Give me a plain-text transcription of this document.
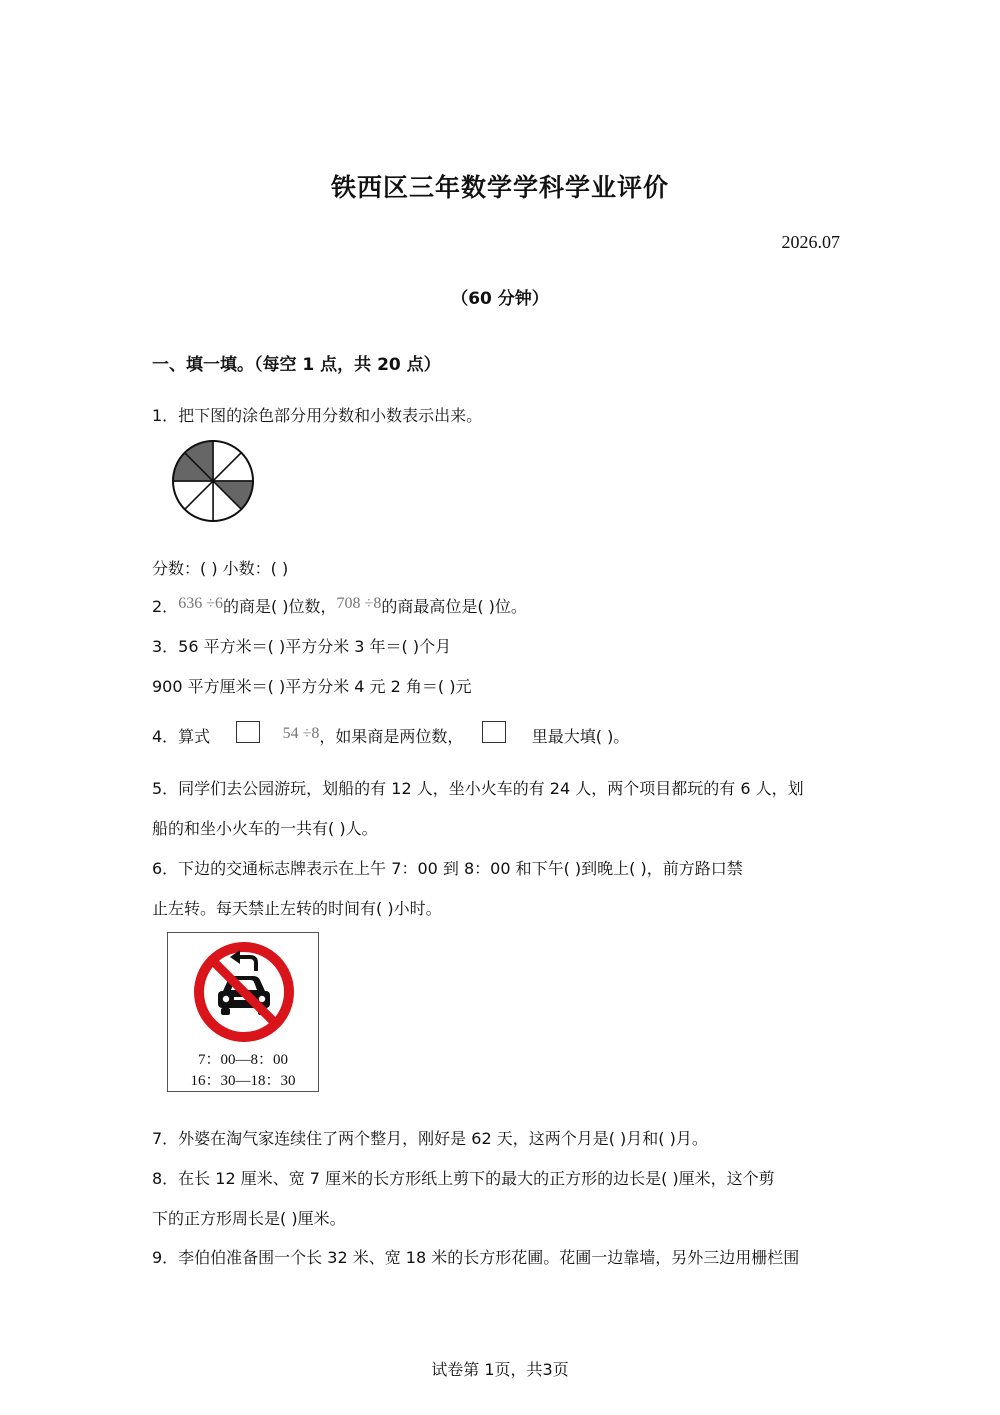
铁西区三年数学学科学业评价
2026.07
（60 分钟）
一、填一填。（每空 1 点，共 20 点）
1．把下图的涂色部分用分数和小数表示出来。
分数：( ) 小数：( )
2．636 ÷6的商是( )位数，708 ÷8的商最高位是( )位。
3．56 平方米＝( )平方分米 3 年＝( )个月
900 平方厘米＝( )平方分米 4 元 2 角＝( )元
4．算式	54 ÷8，如果商是两位数，	里最大填( )。
5．同学们去公园游玩，划船的有 12 人，坐小火车的有 24 人，两个项目都玩的有 6 人，划
船的和坐小火车的一共有( )人。
6．下边的交通标志牌表示在上午 7：00 到 8：00 和下午( )到晚上( )，前方路口禁
止左转。每天禁止左转的时间有( )小时。
7：00—8：00
16：30—18：30
7．外婆在淘气家连续住了两个整月，刚好是 62 天，这两个月是( )月和( )月。
8．在长 12 厘米、宽 7 厘米的长方形纸上剪下的最大的正方形的边长是( )厘米，这个剪
下的正方形周长是( )厘米。
9．李伯伯准备围一个长 32 米、宽 18 米的长方形花圃。花圃一边靠墙，另外三边用栅栏围
试卷第 1页，共3页
